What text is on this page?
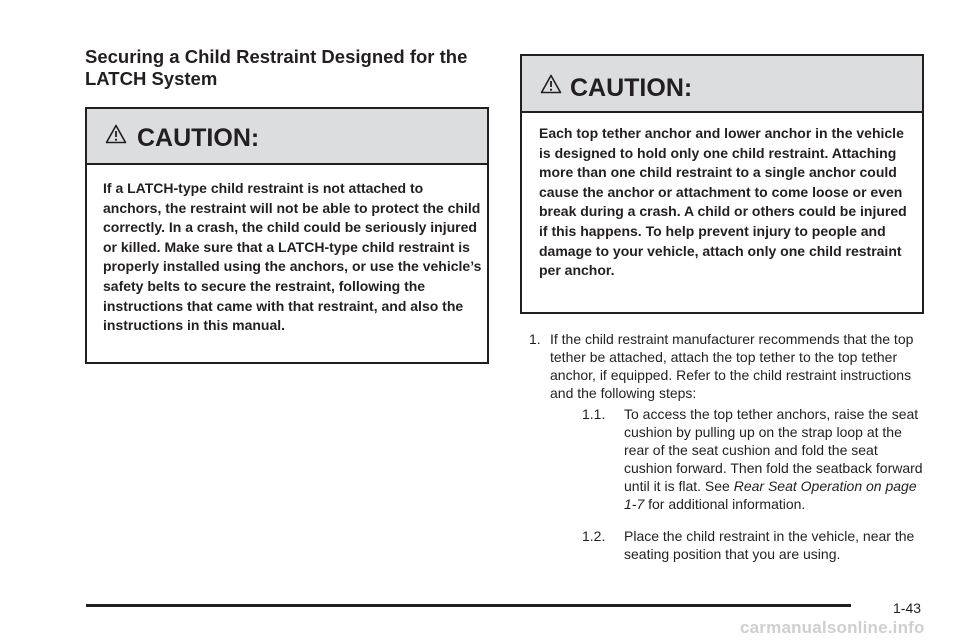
Securing a Child Restraint Designed for the LATCH System
CAUTION:

If a LATCH-type child restraint is not attached to anchors, the restraint will not be able to protect the child correctly. In a crash, the child could be seriously injured or killed. Make sure that a LATCH-type child restraint is properly installed using the anchors, or use the vehicle’s safety belts to secure the restraint, following the instructions that came with that restraint, and also the instructions in this manual.

CAUTION:

Each top tether anchor and lower anchor in the vehicle is designed to hold only one child restraint. Attaching more than one child restraint to a single anchor could cause the anchor or attachment to come loose or even break during a crash. A child or others could be injured if this happens. To help prevent injury to people and damage to your vehicle, attach only one child restraint per anchor.

1. If the child restraint manufacturer recommends that the top tether be attached, attach the top tether to the top tether anchor, if equipped. Refer to the child restraint instructions and the following steps:
1.1. To access the top tether anchors, raise the seat cushion by pulling up on the strap loop at the rear of the seat cushion and fold the seat cushion forward. Then fold the seatback forward until it is flat. See Rear Seat Operation on page 1-7 for additional information.
1.2. Place the child restraint in the vehicle, near the seating position that you are using.
1-43
carmanualsonline.info
